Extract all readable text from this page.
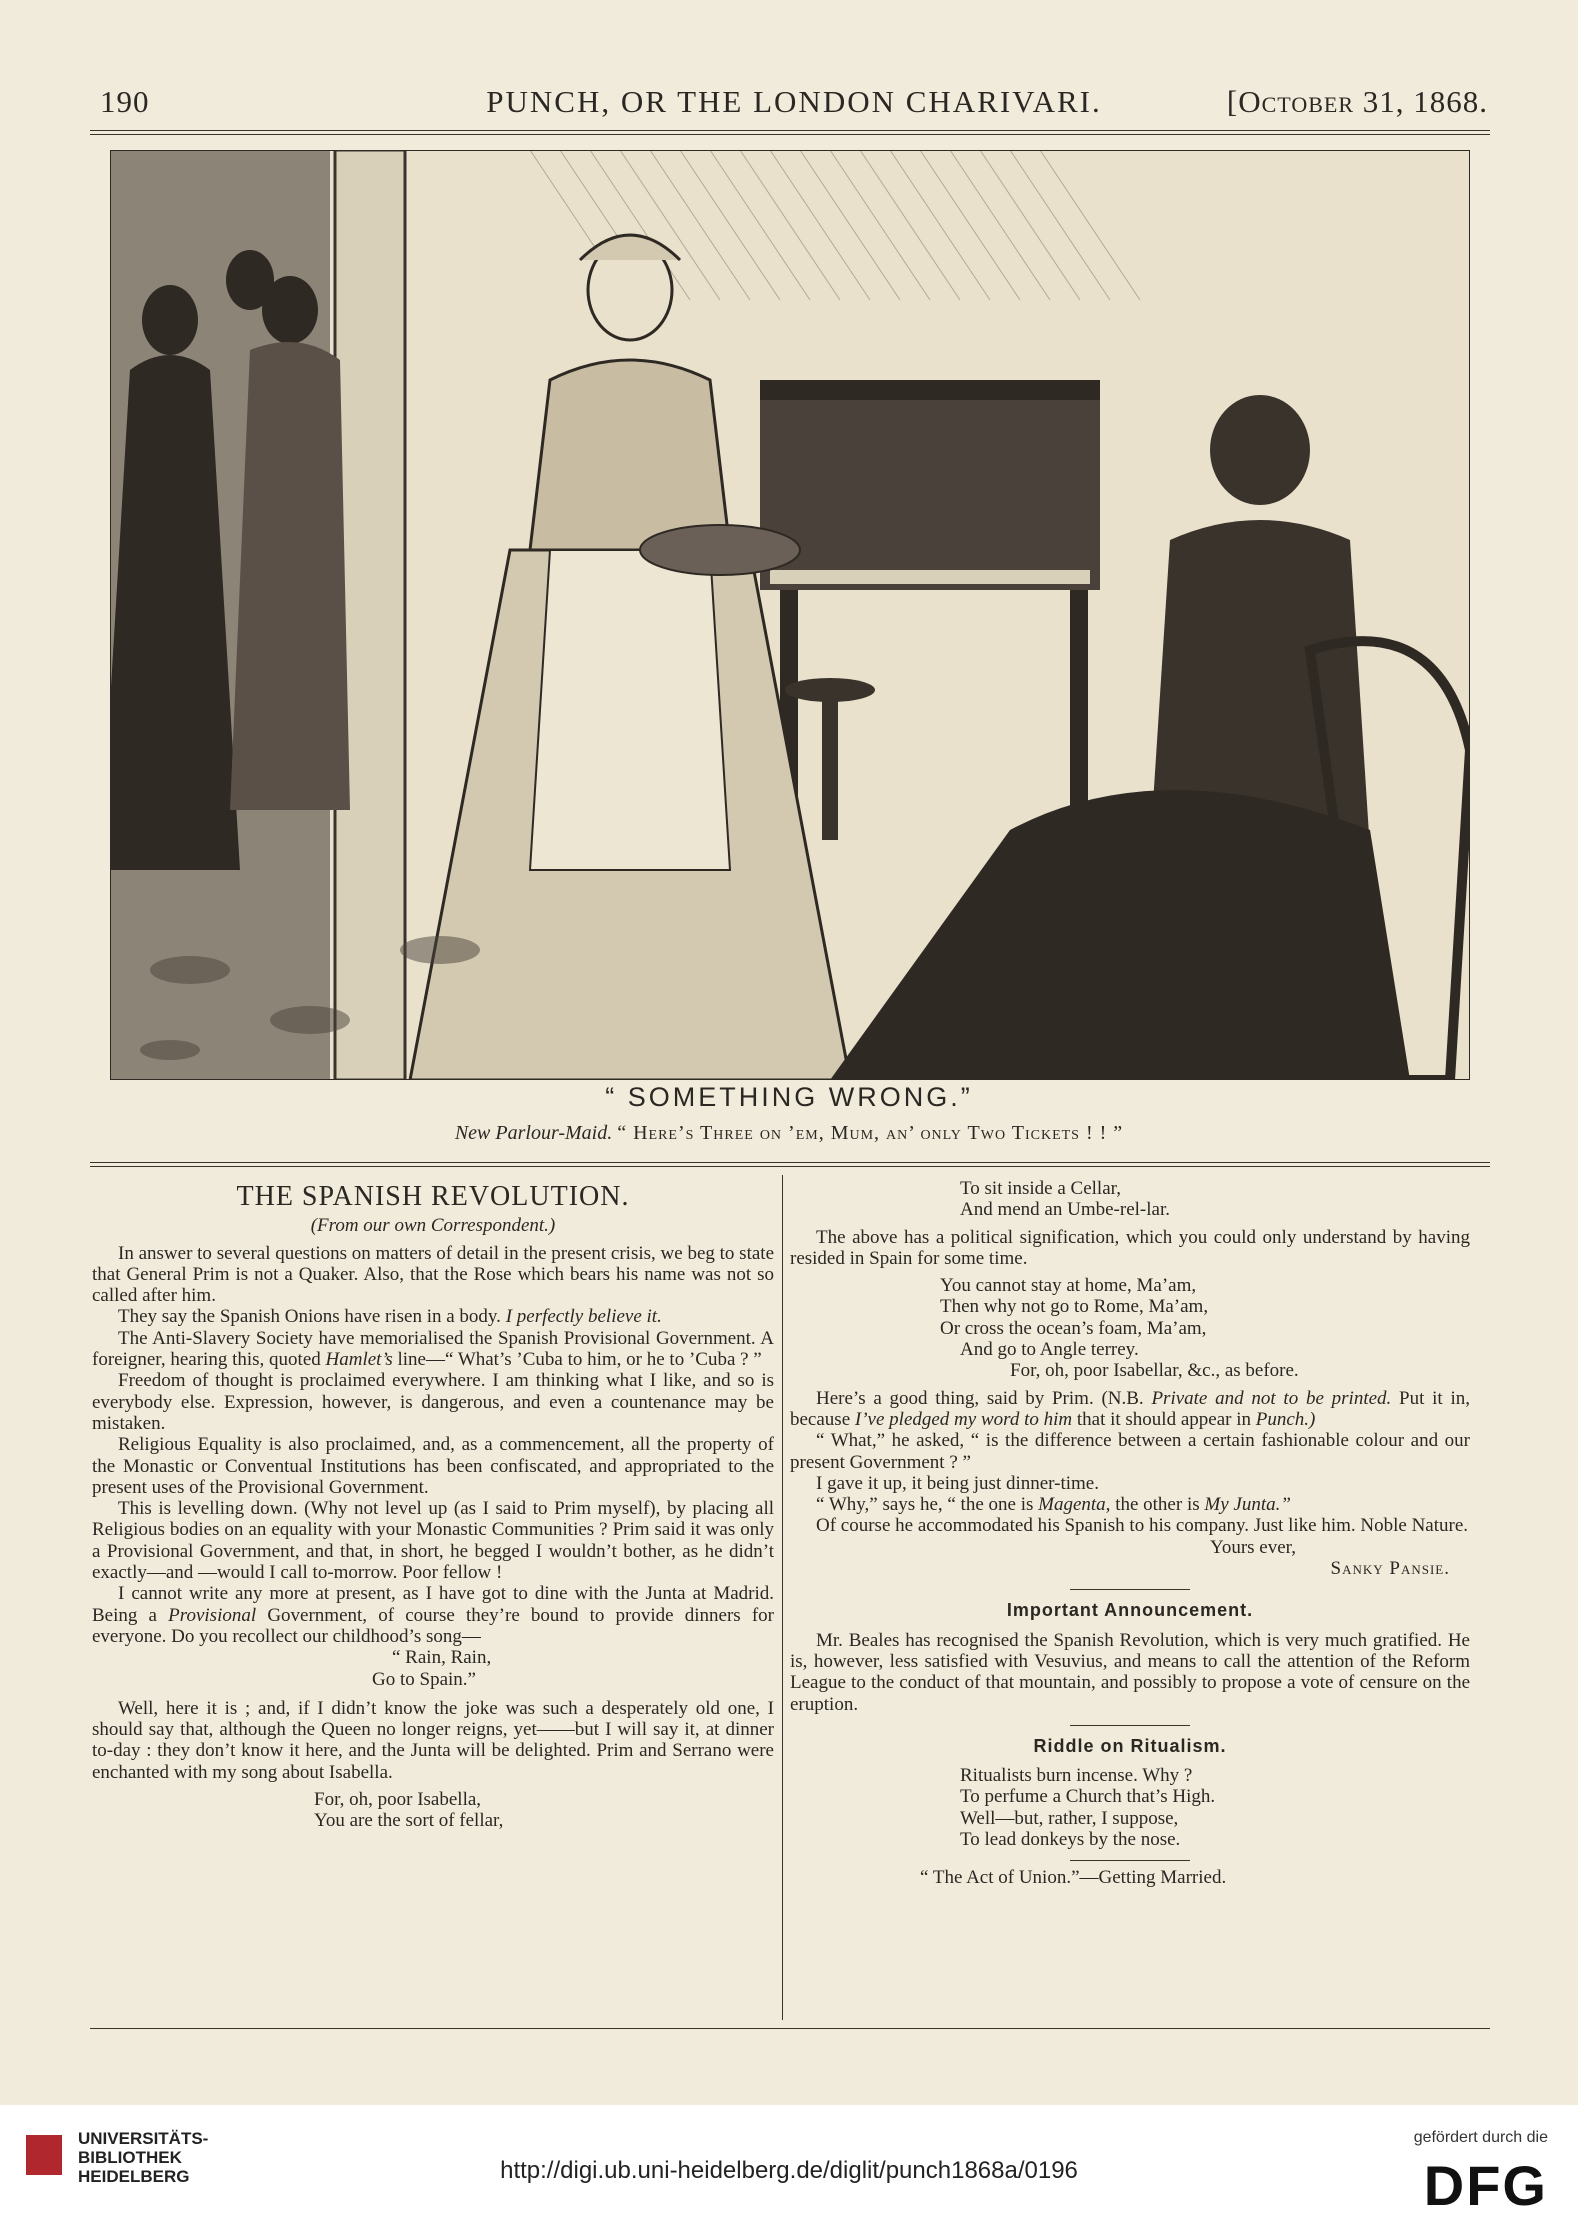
190	PUNCH, OR THE LONDON CHARIVARI.	[October 31, 1868.
“ SOMETHING WRONG.”
New Parlour-Maid. “ Here’s Three on ’em, Mum, an’ only Two Tickets ! ! ”
THE SPANISH REVOLUTION.

(From our own Correspondent.)

In answer to several questions on matters of detail in the present crisis, we beg to state that General Prim is not a Quaker. Also, that the Rose which bears his name was not so called after him.

They say the Spanish Onions have risen in a body. I perfectly believe it.

The Anti-Slavery Society have memorialised the Spanish Provisional Government. A foreigner, hearing this, quoted Hamlet’s line—“ What’s ’Cuba to him, or he to ’Cuba ? ”

Freedom of thought is proclaimed everywhere. I am thinking what I like, and so is everybody else. Expression, however, is dangerous, and even a countenance may be mistaken.

Religious Equality is also proclaimed, and, as a commencement, all the property of the Monastic or Conventual Institutions has been confiscated, and appropriated to the present uses of the Provisional Government.

This is levelling down. (Why not level up (as I said to Prim myself), by placing all Religious bodies on an equality with your Monastic Communities ? Prim said it was only a Provisional Government, and that, in short, he begged I wouldn’t bother, as he didn’t exactly—and —would I call to-morrow. Poor fellow !

I cannot write any more at present, as I have got to dine with the Junta at Madrid. Being a Provisional Government, of course they’re bound to provide dinners for everyone. Do you recollect our childhood’s song—

“ Rain, Rain,

Go to Spain.”

Well, here it is ; and, if I didn’t know the joke was such a desperately old one, I should say that, although the Queen no longer reigns, yet——but I will say it, at dinner to-day : they don’t know it here, and the Junta will be delighted. Prim and Serrano were enchanted with my song about Isabella.

For, oh, poor Isabella,

You are the sort of fellar,

To sit inside a Cellar,

And mend an Umbe-rel-lar.

The above has a political signification, which you could only understand by having resided in Spain for some time.

You cannot stay at home, Ma’am,

Then why not go to Rome, Ma’am,

Or cross the ocean’s foam, Ma’am,

And go to Angle terrey.

For, oh, poor Isabellar, &c., as before.

Here’s a good thing, said by Prim. (N.B. Private and not to be printed. Put it in, because I’ve pledged my word to him that it should appear in Punch.)

“ What,” he asked, “ is the difference between a certain fashionable colour and our present Government ? ”

I gave it up, it being just dinner-time.

“ Why,” says he, “ the one is Magenta, the other is My Junta.”

Of course he accommodated his Spanish to his company. Just like him. Noble Nature.

Yours ever,

Sanky Pansie.

Important Announcement.

Mr. Beales has recognised the Spanish Revolution, which is very much gratified. He is, however, less satisfied with Vesuvius, and means to call the attention of the Reform League to the conduct of that mountain, and possibly to propose a vote of censure on the eruption.

Riddle on Ritualism.

Ritualists burn incense. Why ?

To perfume a Church that’s High.

Well—but, rather, I suppose,

To lead donkeys by the nose.

“ The Act of Union.”—Getting Married.

UNIVERSITÄTS-
BIBLIOTHEK
HEIDELBERG	http://digi.ub.uni-heidelberg.de/diglit/punch1868a/0196
gefördert durch die
DFG
